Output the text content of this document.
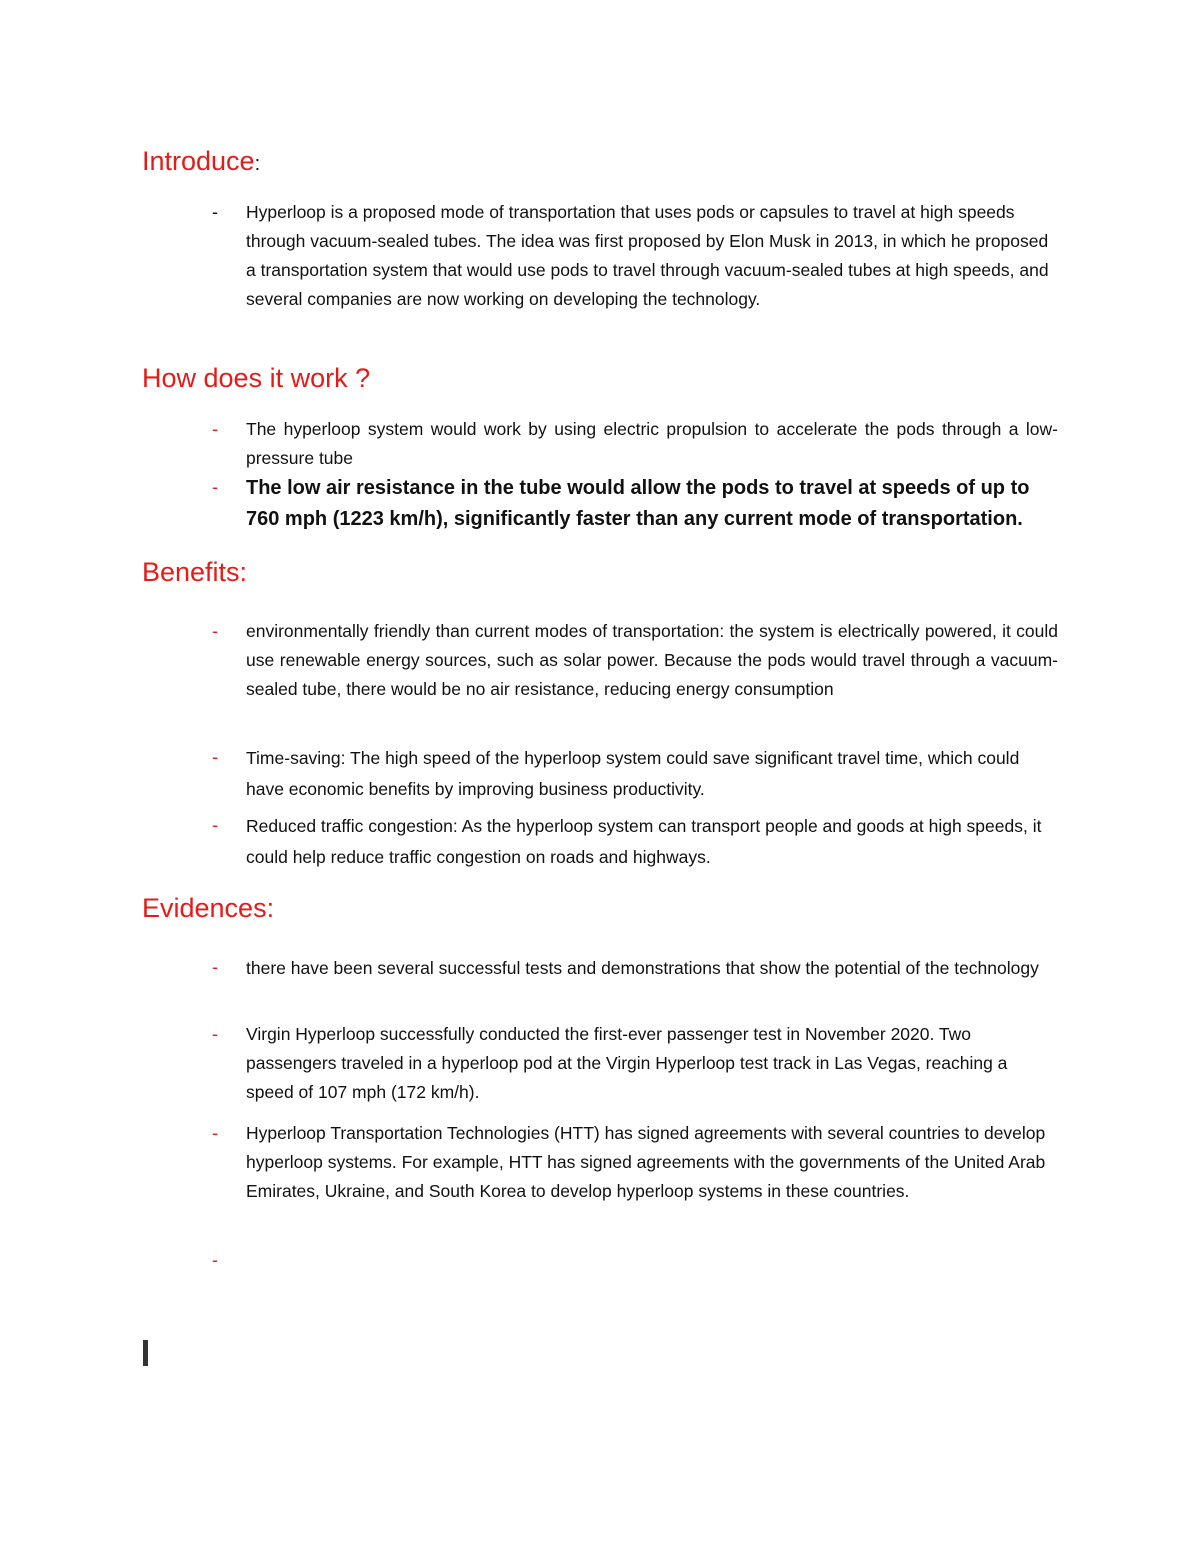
Introduce:
- Hyperloop is a proposed mode of transportation that uses pods or capsules to travel at high speeds through vacuum-sealed tubes. The idea was first proposed by Elon Musk in 2013, in which he proposed a transportation system that would use pods to travel through vacuum-sealed tubes at high speeds, and several companies are now working on developing the technology.

How does it work ?
- The hyperloop system would work by using electric propulsion to accelerate the pods through a low-pressure tube

- The low air resistance in the tube would allow the pods to travel at speeds of up to 760 mph (1223 km/h), significantly faster than any current mode of transportation.

Benefits:
- environmentally friendly than current modes of transportation: the system is electrically powered, it could use renewable energy sources, such as solar power. Because the pods would travel through a vacuum-sealed tube, there would be no air resistance, reducing energy consumption

- Time-saving: The high speed of the hyperloop system could save significant travel time, which could have economic benefits by improving business productivity.

- Reduced traffic congestion: As the hyperloop system can transport people and goods at high speeds, it could help reduce traffic congestion on roads and highways.

Evidences:
- there have been several successful tests and demonstrations that show the potential of the technology

- Virgin Hyperloop successfully conducted the first-ever passenger test in November 2020. Two passengers traveled in a hyperloop pod at the Virgin Hyperloop test track in Las Vegas, reaching a speed of 107 mph (172 km/h).

- Hyperloop Transportation Technologies (HTT) has signed agreements with several countries to develop hyperloop systems. For example, HTT has signed agreements with the governments of the United Arab Emirates, Ukraine, and South Korea to develop hyperloop systems in these countries.

-
